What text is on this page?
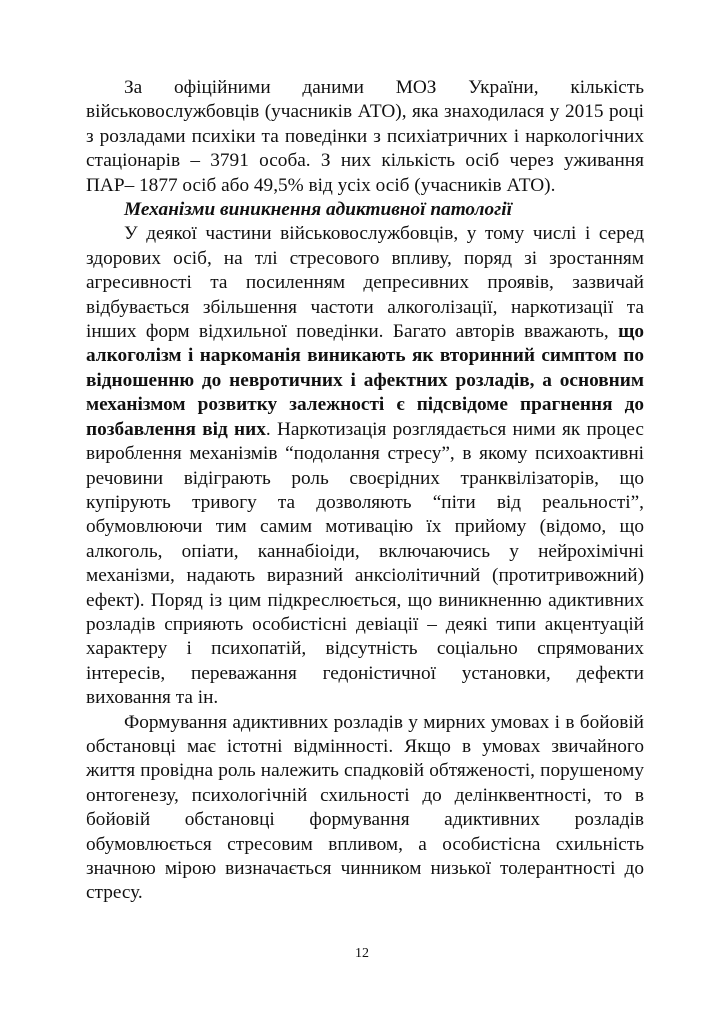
За офіційними даними МОЗ України, кількість військовослужбовців (учасників АТО), яка знаходилася у 2015 році з розладами психіки та поведінки з психіатричних і наркологічних стаціонарів – 3791 особа. З них кількість осіб через уживання ПАР– 1877 осіб або 49,5% від усіх осіб (учасників АТО).

Механізми виникнення адиктивної патології

У деякої частини військовослужбовців, у тому числі і серед здорових осіб, на тлі стресового впливу, поряд зі зростанням агресивності та посиленням депресивних проявів, зазвичай відбувається збільшення частоти алкоголізації, наркотизації та інших форм відхильної поведінки. Багато авторів вважають, що алкоголізм і наркоманія виникають як вторинний симптом по відношенню до невротичних і афектних розладів, а основним механізмом розвитку залежності є підсвідоме прагнення до позбавлення від них. Наркотизація розглядається ними як процес вироблення механізмів “подолання стресу”, в якому психоактивні речовини відіграють роль своєрідних транквілізаторів, що купірують тривогу та дозволяють “піти від реальності”, обумовлюючи тим самим мотивацію їх прийому (відомо, що алкоголь, опіати, каннабіоіди, включаючись у нейрохімічні механізми, надають виразний анксіолітичний (протитривожний) ефект). Поряд із цим підкреслюється, що виникненню адиктивних розладів сприяють особистісні девіації – деякі типи акцентуацій характеру і психопатій, відсутність соціально спрямованих інтересів, переважання гедоністичної установки, дефекти виховання та ін.

Формування адиктивних розладів у мирних умовах і в бойовій обстановці має істотні відмінності. Якщо в умовах звичайного життя провідна роль належить спадковій обтяженості, порушеному онтогенезу, психологічній схильності до делінквентності, то в бойовій обстановці формування адиктивних розладів обумовлюється стресовим впливом, а особистісна схильність значною мірою визначається чинником низької толерантності до стресу.

12
